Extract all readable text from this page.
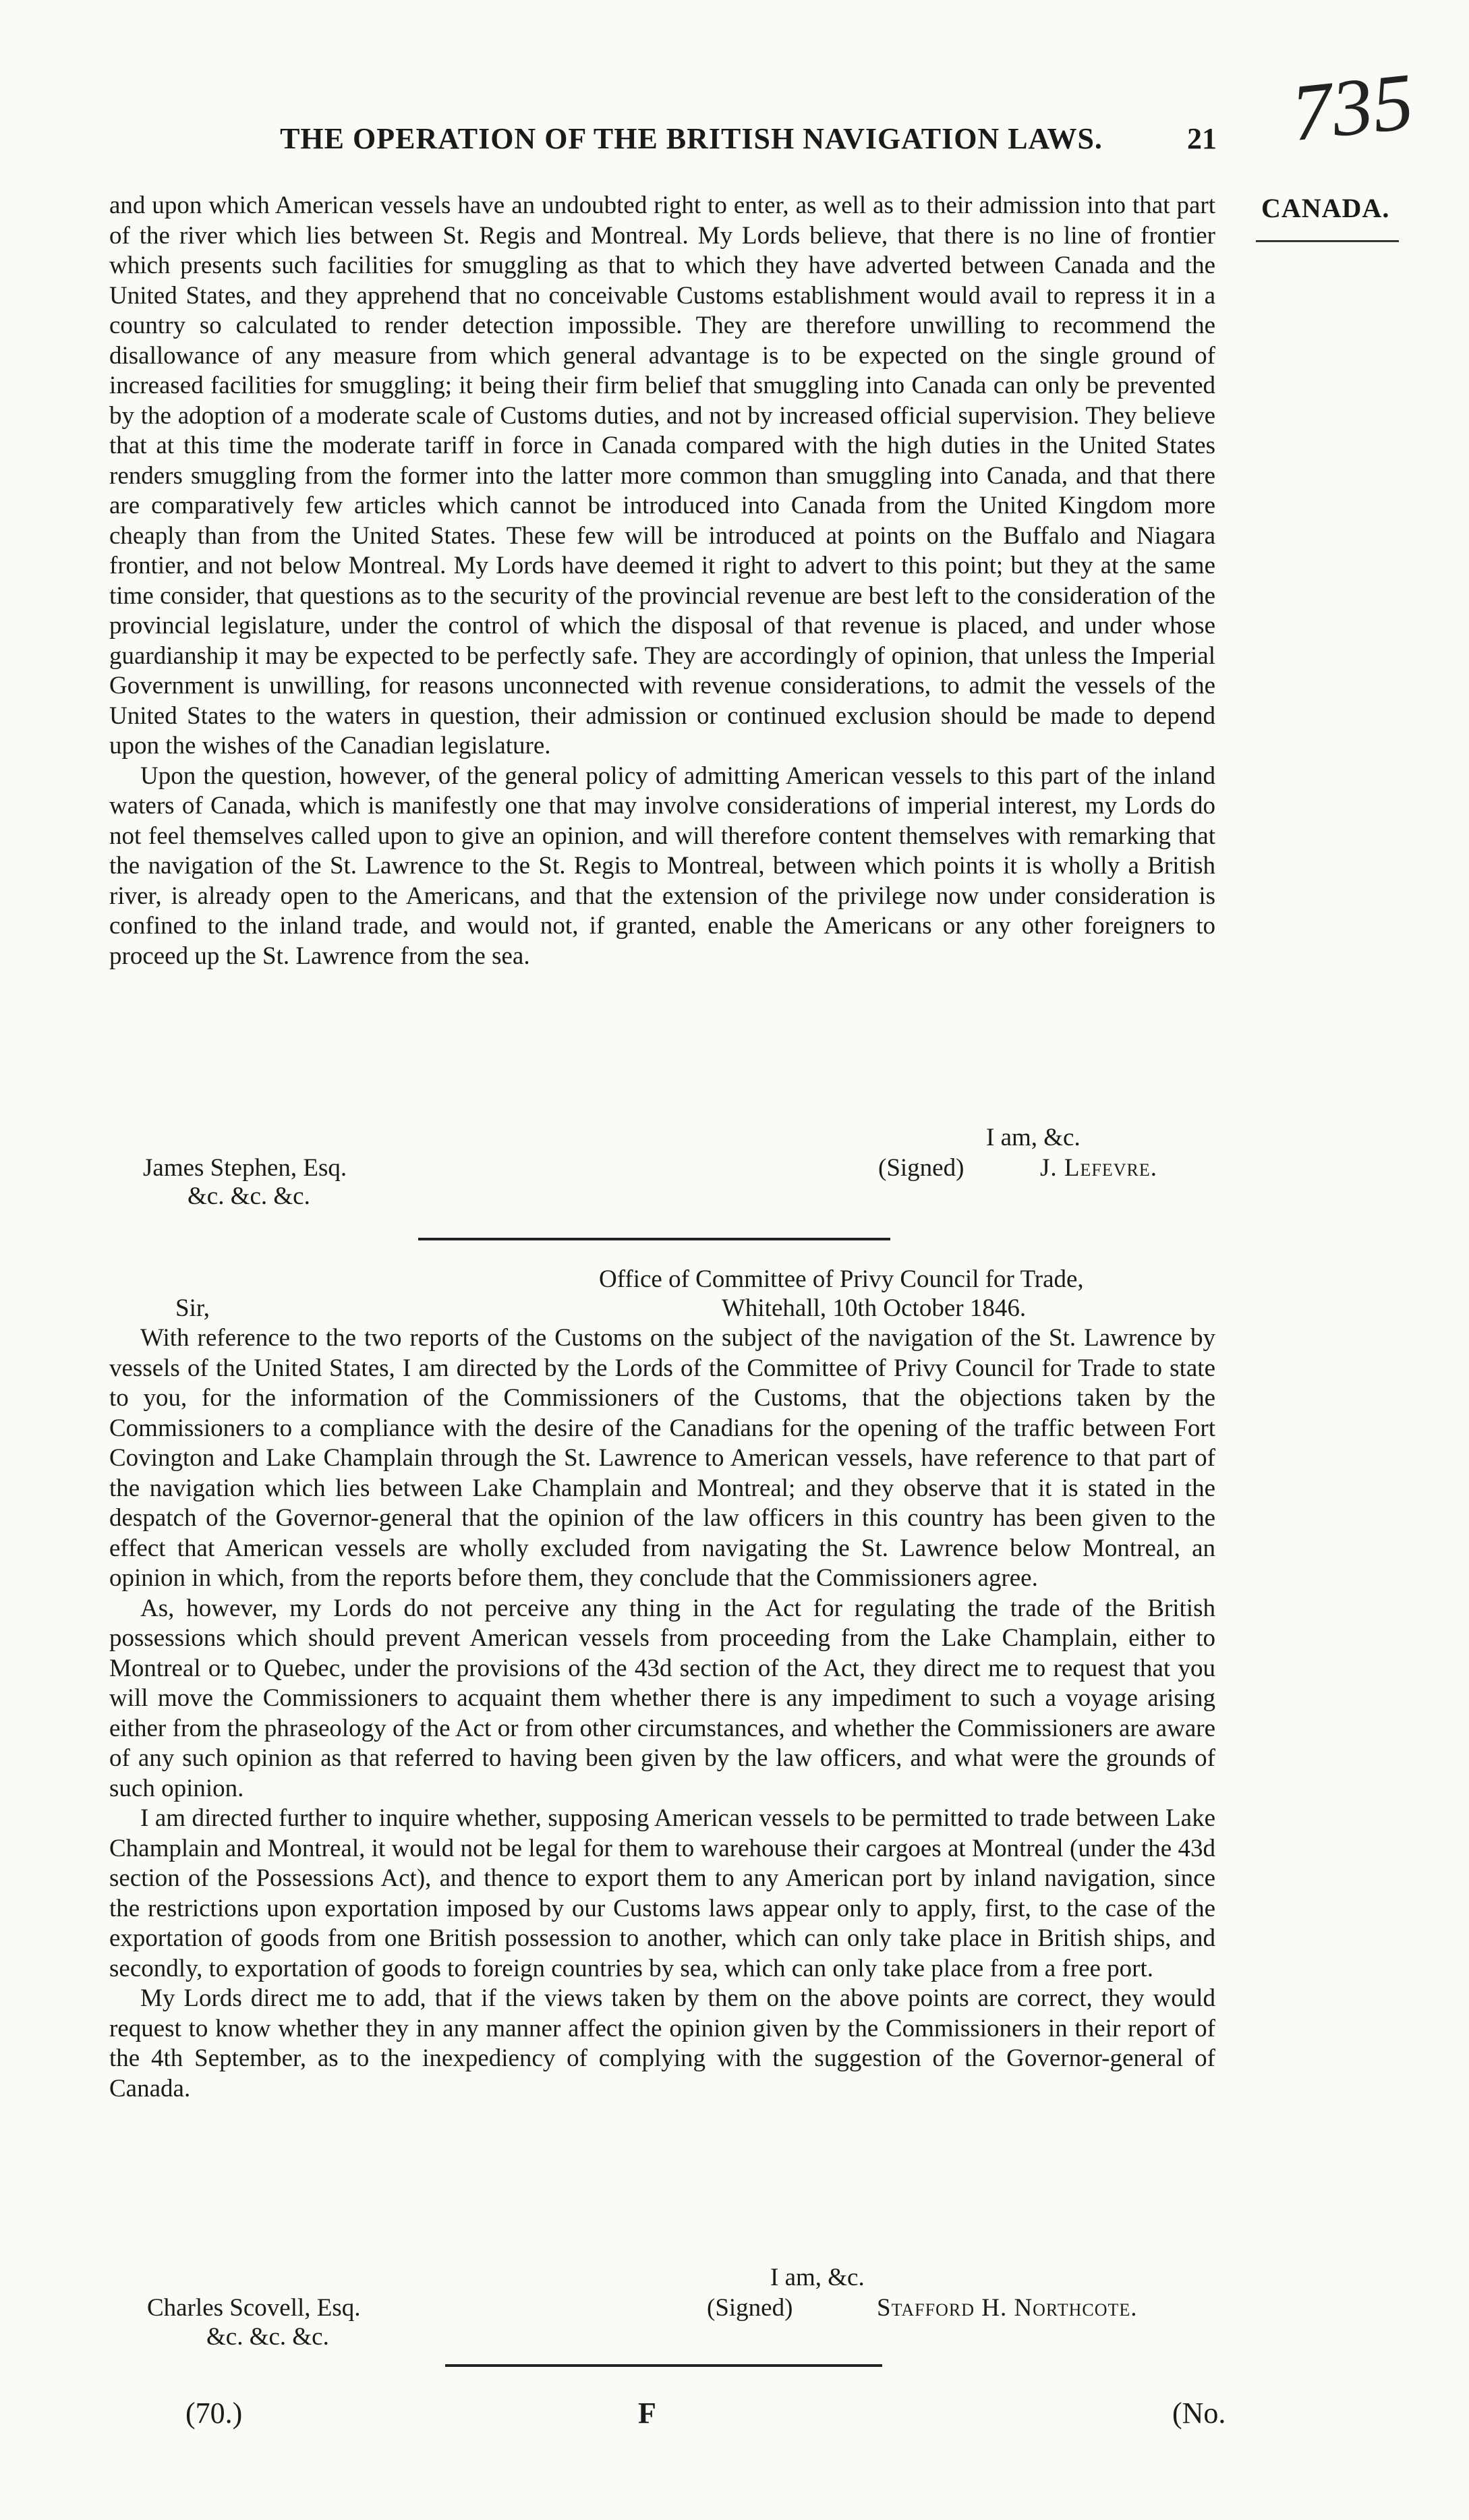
THE OPERATION OF THE BRITISH NAVIGATION LAWS.	21 735
CANADA.

and upon which American vessels have an undoubted right to enter, as well as to their admission into that part of the river which lies between St. Regis and Montreal. My Lords believe, that there is no line of frontier which presents such facilities for smuggling as that to which they have adverted between Canada and the United States, and they apprehend that no conceivable Customs establishment would avail to repress it in a country so calculated to render detection impossible. They are therefore unwilling to recommend the disallowance of any measure from which general advantage is to be expected on the single ground of increased facilities for smuggling; it being their firm belief that smuggling into Canada can only be prevented by the adoption of a moderate scale of Customs duties, and not by increased official supervision. They believe that at this time the moderate tariff in force in Canada compared with the high duties in the United States renders smuggling from the former into the latter more common than smuggling into Canada, and that there are comparatively few articles which cannot be introduced into Canada from the United Kingdom more cheaply than from the United States. These few will be introduced at points on the Buffalo and Niagara frontier, and not below Montreal. My Lords have deemed it right to advert to this point; but they at the same time consider, that questions as to the security of the provincial revenue are best left to the consideration of the provincial legislature, under the control of which the disposal of that revenue is placed, and under whose guardianship it may be expected to be perfectly safe. They are accordingly of opinion, that unless the Imperial Government is unwilling, for reasons unconnected with revenue considerations, to admit the vessels of the United States to the waters in question, their admission or continued exclusion should be made to depend upon the wishes of the Canadian legislature.

Upon the question, however, of the general policy of admitting American vessels to this part of the inland waters of Canada, which is manifestly one that may involve considerations of imperial interest, my Lords do not feel themselves called upon to give an opinion, and will therefore content themselves with remarking that the navigation of the St. Lawrence to the St. Regis to Montreal, between which points it is wholly a British river, is already open to the Americans, and that the extension of the privilege now under consideration is confined to the inland trade, and would not, if granted, enable the Americans or any other foreigners to proceed up the St. Lawrence from the sea.

I am, &c.
James Stephen, Esq.	(Signed)	J. Lefevre.
&c. &c. &c.
Office of Committee of Privy Council for Trade,
Whitehall, 10th October 1846.
Sir,

With reference to the two reports of the Customs on the subject of the navigation of the St. Lawrence by vessels of the United States, I am directed by the Lords of the Committee of Privy Council for Trade to state to you, for the information of the Commissioners of the Customs, that the objections taken by the Commissioners to a compliance with the desire of the Canadians for the opening of the traffic between Fort Covington and Lake Champlain through the St. Lawrence to American vessels, have reference to that part of the navigation which lies between Lake Champlain and Montreal; and they observe that it is stated in the despatch of the Governor-general that the opinion of the law officers in this country has been given to the effect that American vessels are wholly excluded from navigating the St. Lawrence below Montreal, an opinion in which, from the reports before them, they conclude that the Commissioners agree.

As, however, my Lords do not perceive any thing in the Act for regulating the trade of the British possessions which should prevent American vessels from proceeding from the Lake Champlain, either to Montreal or to Quebec, under the provisions of the 43d section of the Act, they direct me to request that you will move the Commissioners to acquaint them whether there is any impediment to such a voyage arising either from the phraseology of the Act or from other circumstances, and whether the Commissioners are aware of any such opinion as that referred to having been given by the law officers, and what were the grounds of such opinion.

I am directed further to inquire whether, supposing American vessels to be permitted to trade between Lake Champlain and Montreal, it would not be legal for them to warehouse their cargoes at Montreal (under the 43d section of the Possessions Act), and thence to export them to any American port by inland navigation, since the restrictions upon exportation imposed by our Customs laws appear only to apply, first, to the case of the exportation of goods from one British possession to another, which can only take place in British ships, and secondly, to exportation of goods to foreign countries by sea, which can only take place from a free port.

My Lords direct me to add, that if the views taken by them on the above points are correct, they would request to know whether they in any manner affect the opinion given by the Commissioners in their report of the 4th September, as to the inexpediency of complying with the suggestion of the Governor-general of Canada.

I am, &c.
Charles Scovell, Esq.	(Signed)	Stafford H. Northcote.
&c. &c. &c.
(70.)	F	(No.
